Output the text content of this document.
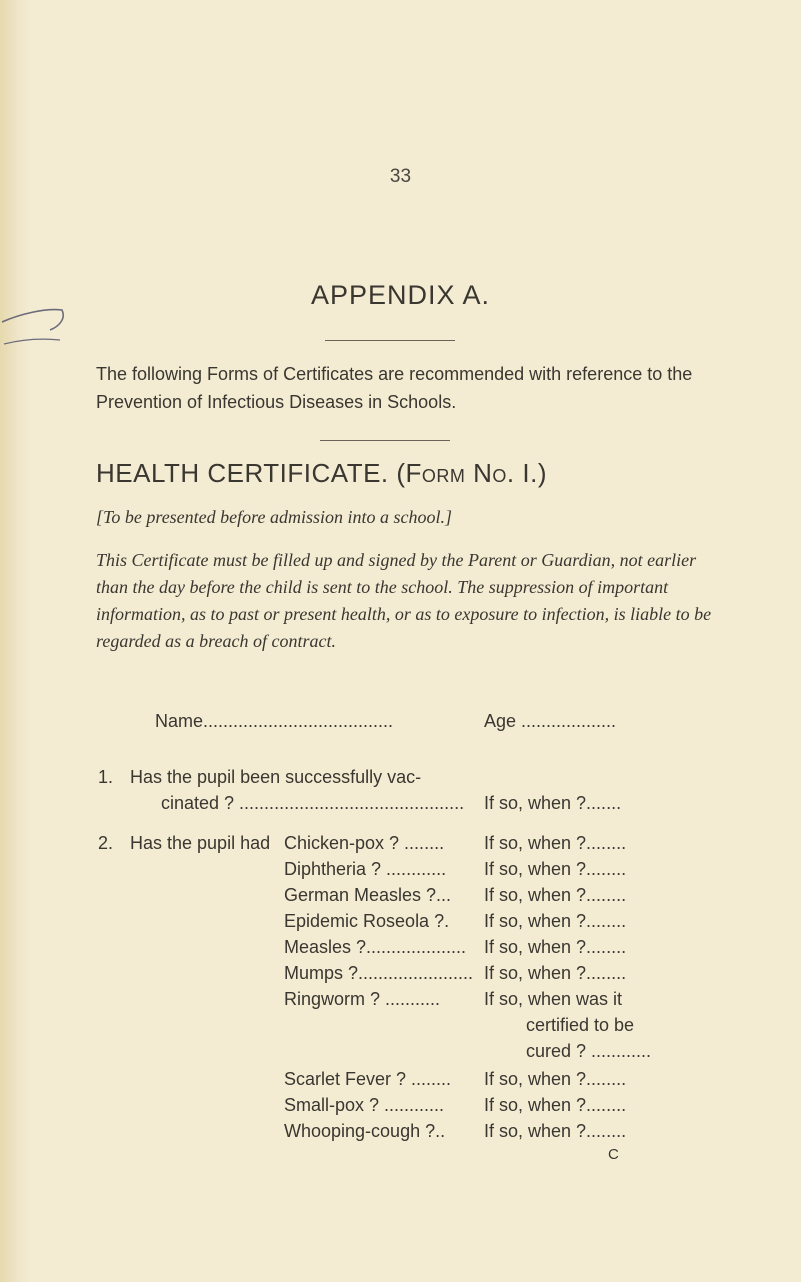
33
APPENDIX A.

The following Forms of Certificates are recommended with reference to the Prevention of Infectious Diseases in Schools.

HEALTH CERTIFICATE. (Form No. I.)

[To be presented before admission into a school.]

This Certificate must be filled up and signed by the Parent or Guardian, not earlier than the day before the child is sent to the school. The suppression of important information, as to past or present health, or as to exposure to infection, is liable to be regarded as a breach of contract.

Name......................................	Age ...................
1. Has the pupil been successfully vac-
cinated ? .............................................	If so, when ?.......
2. Has the pupil had Chicken-pox ? ........ If so, when ?........
Diphtheria ? ............ If so, when ?........
German Measles ?... If so, when ?........
Epidemic Roseola ?. If so, when ?........
Measles ?.................... If so, when ?........
Mumps ?....................... If so, when ?........
Ringworm ? ........... If so, when was it
certified to be
cured ? ............
Scarlet Fever ? ........ If so, when ?........
Small-pox ? ............ If so, when ?........
Whooping-cough ?.. If so, when ?........
C
